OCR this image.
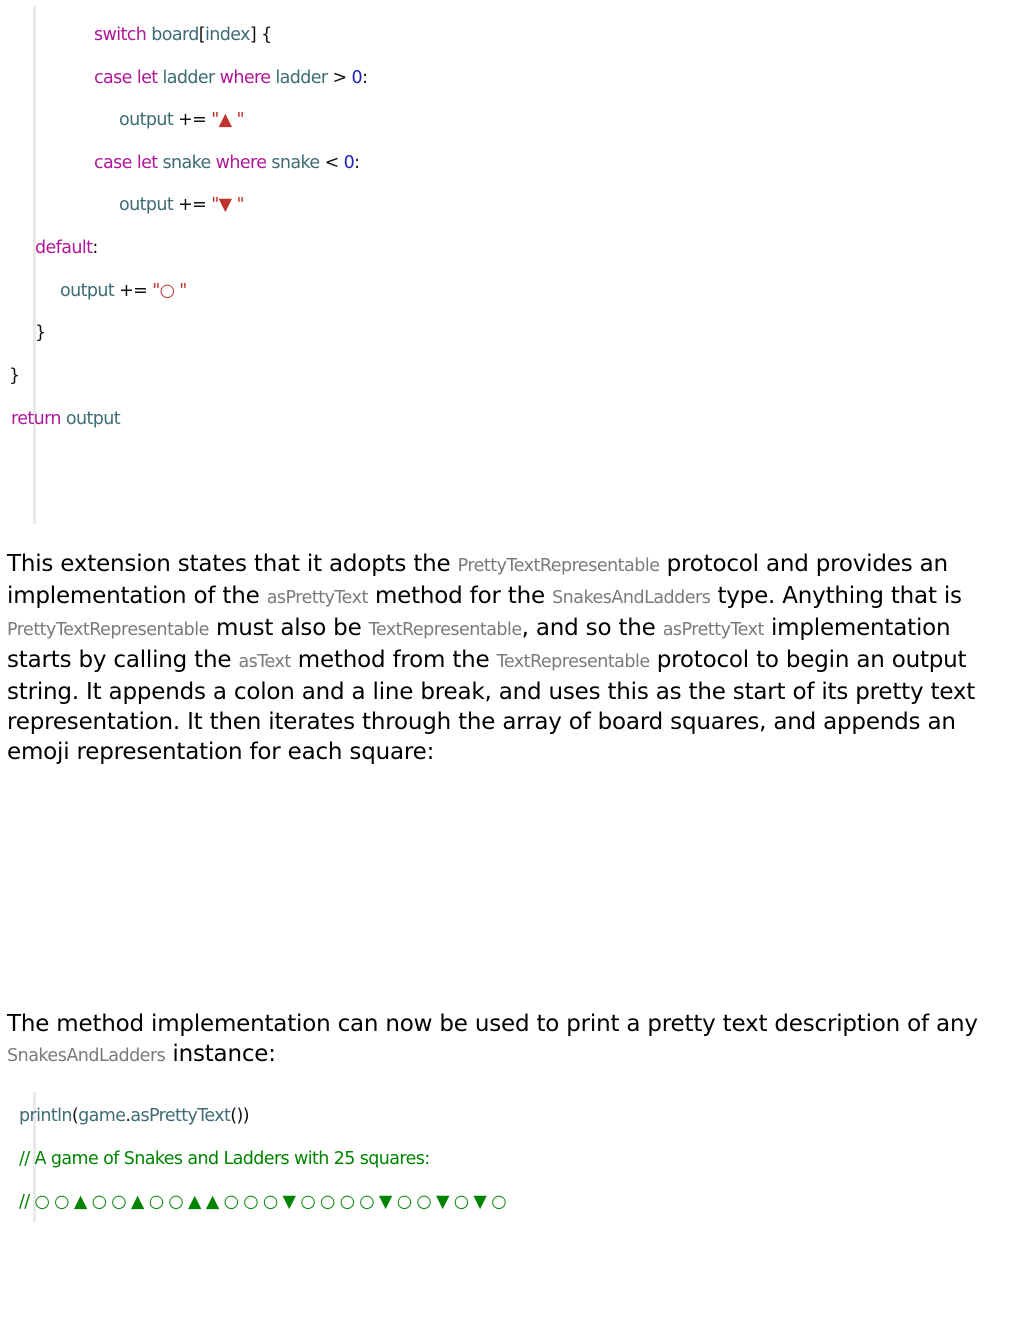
switch board[index] {
case let ladder where ladder > 0:
output += "▲ "
case let snake where snake < 0:
output += "▼ "
default:
output += "○ "
}
}
return output

This extension states that it adopts the PrettyTextRepresentable protocol and provides an implementation of the asPrettyText method for the SnakesAndLadders type. Anything that is PrettyTextRepresentable must also be TextRepresentable, and so the asPrettyText implementation starts by calling the asText method from the TextRepresentable protocol to begin an output string. It appends a colon and a line break, and uses this as the start of its pretty text representation. It then iterates through the array of board squares, and appends an emoji representation for each square:

The method implementation can now be used to print a pretty text description of any SnakesAndLadders instance:

println(game.asPrettyText())
// A game of Snakes and Ladders with 25 squares:
// ○ ○ ▲ ○ ○ ▲ ○ ○ ▲ ▲ ○ ○ ○ ▼ ○ ○ ○ ○ ▼ ○ ○ ▼ ○ ▼ ○
